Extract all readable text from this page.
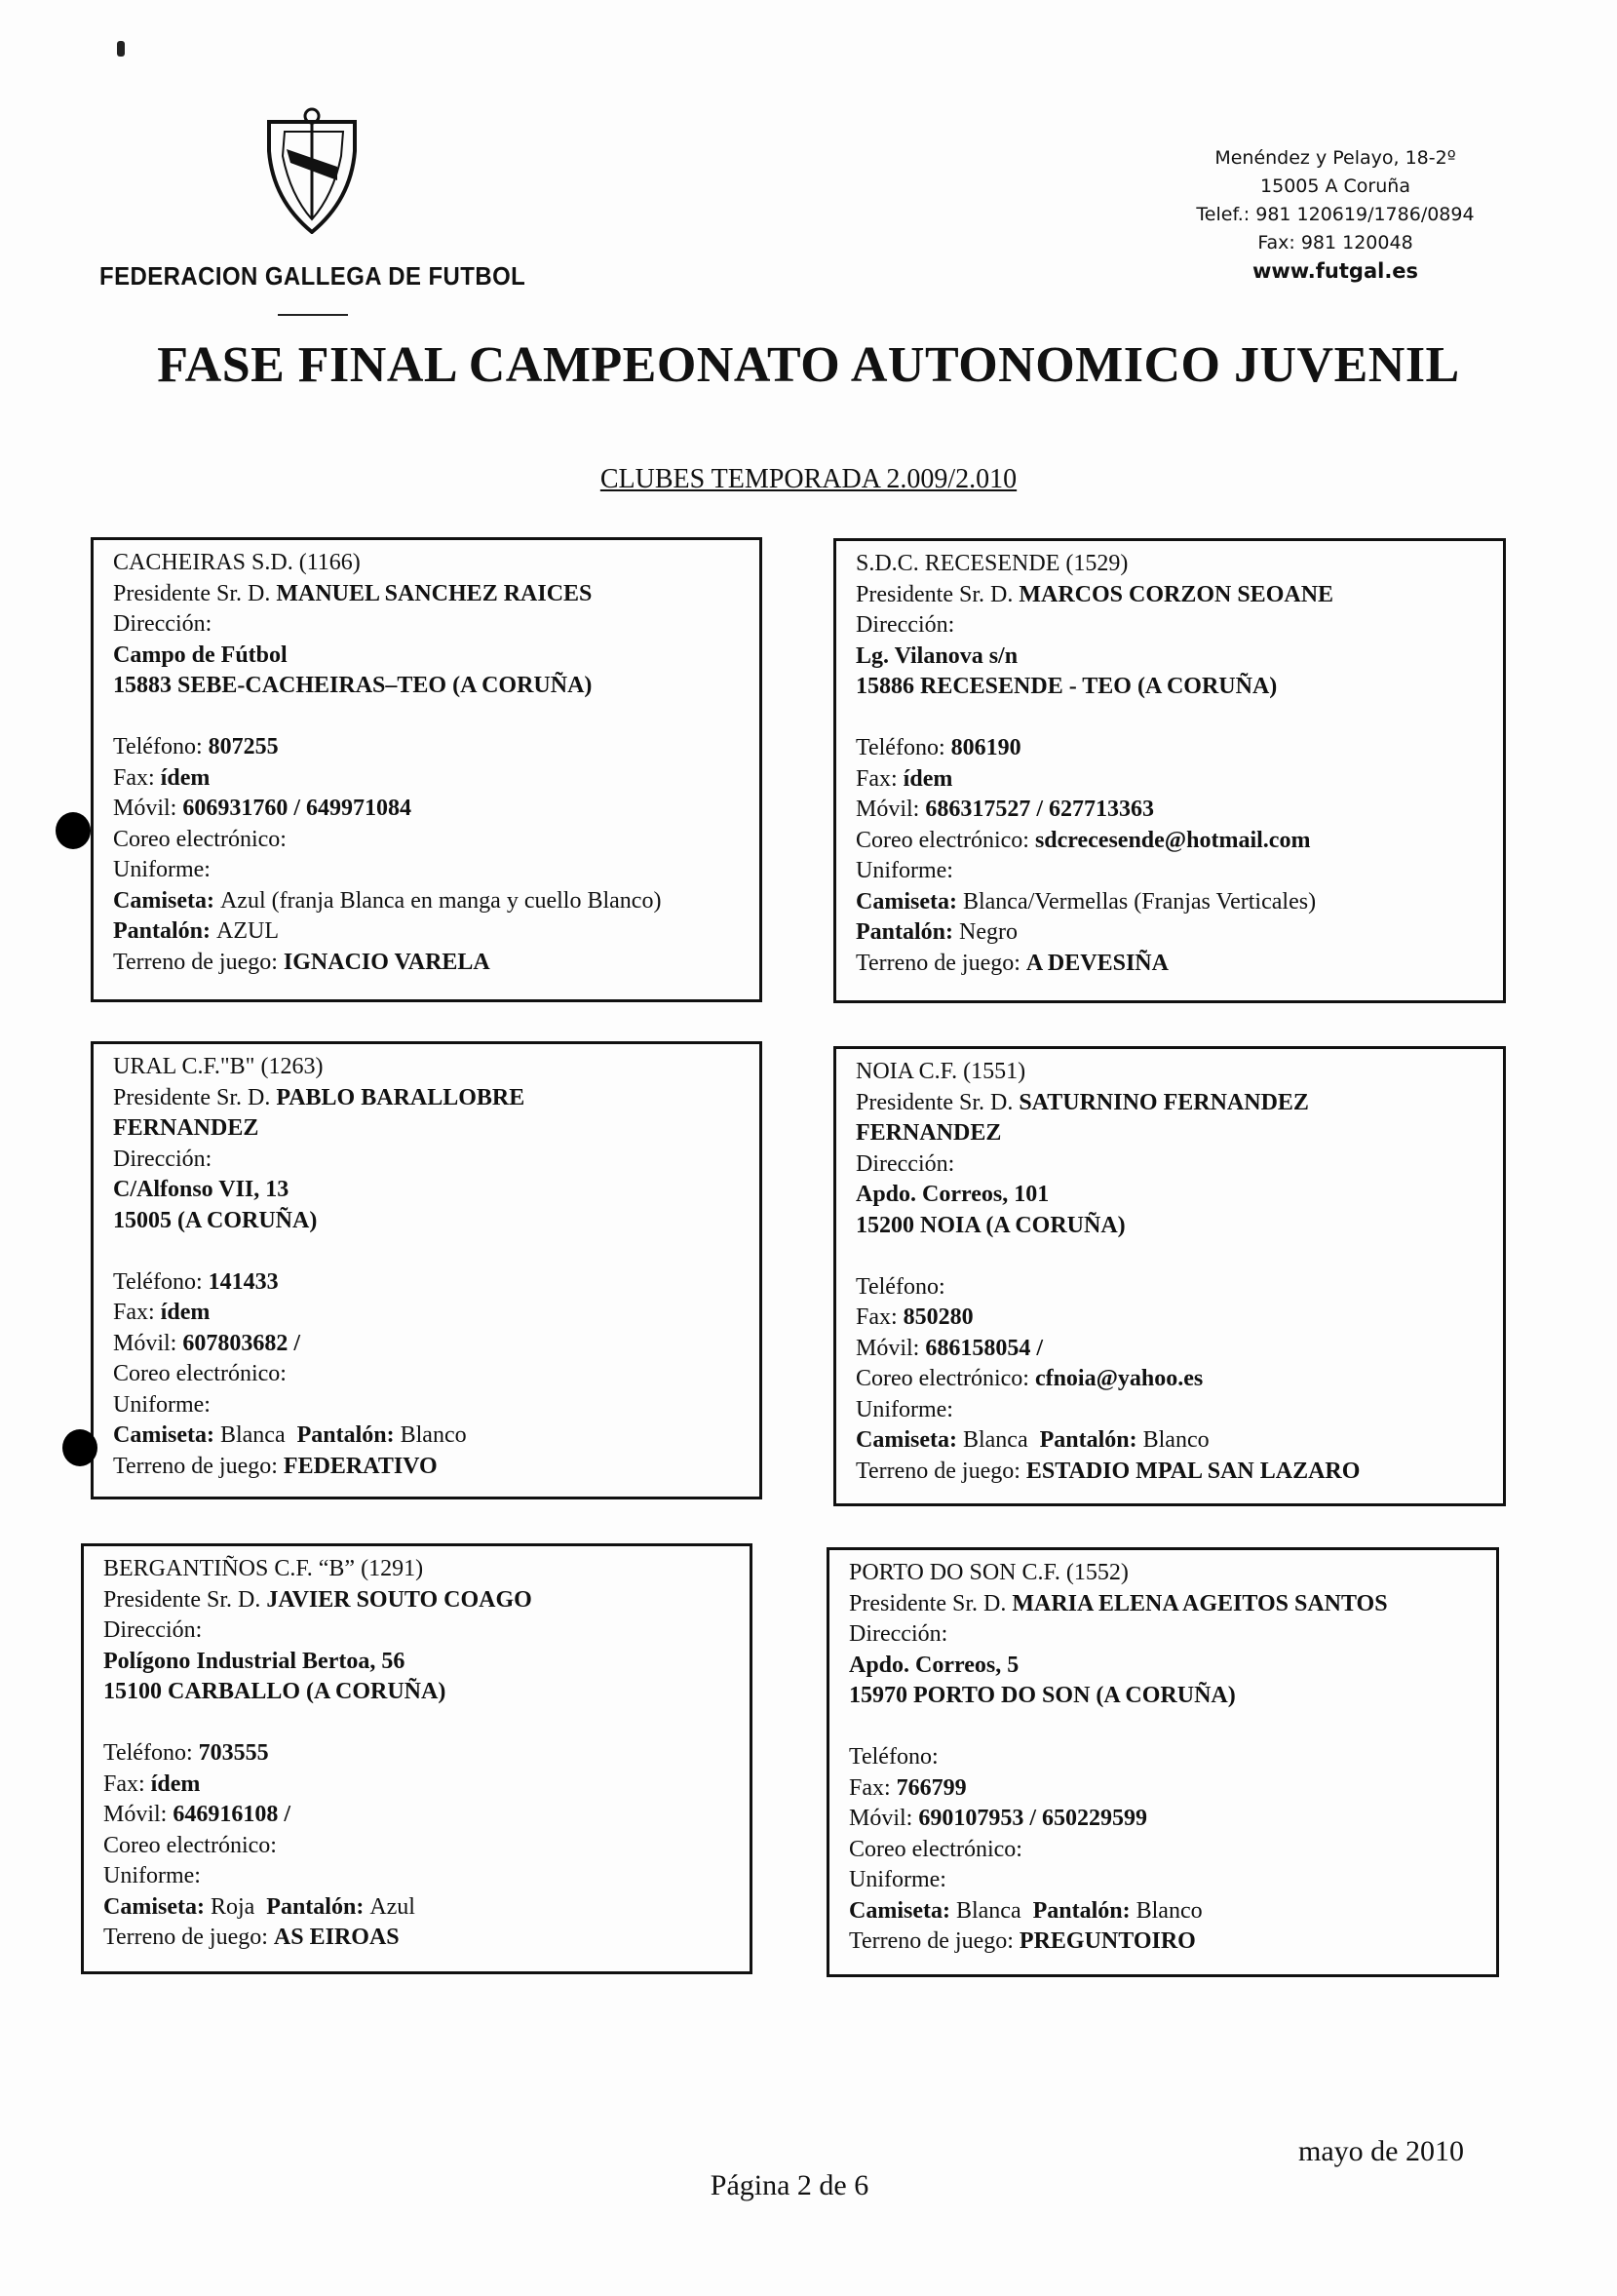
FEDERACION GALLEGA DE FUTBOL
Menéndez y Pelayo, 18-2º
15005 A Coruña
Telef.: 981 120619/1786/0894
Fax: 981 120048
www.futgal.es
FASE FINAL CAMPEONATO AUTONOMICO JUVENIL
CLUBES TEMPORADA 2.009/2.010
CACHEIRAS S.D. (1166)
Presidente Sr. D. MANUEL SANCHEZ RAICES
Dirección:
Campo de Fútbol
15883 SEBE-CACHEIRAS–TEO (A CORUÑA)
Teléfono: 807255
Fax: ídem
Móvil: 606931760 / 649971084
Coreo electrónico:
Uniforme:
Camiseta: Azul (franja Blanca en manga y cuello Blanco)
Pantalón: AZUL
Terreno de juego: IGNACIO VARELA
S.D.C. RECESENDE (1529)
Presidente Sr. D. MARCOS CORZON SEOANE
Dirección:
Lg. Vilanova s/n
15886 RECESENDE - TEO (A CORUÑA)
Teléfono: 806190
Fax: ídem
Móvil: 686317527 / 627713363
Coreo electrónico: sdcrecesende@hotmail.com
Uniforme:
Camiseta: Blanca/Vermellas (Franjas Verticales)
Pantalón: Negro
Terreno de juego: A DEVESIÑA
URAL C.F."B" (1263)
Presidente Sr. D. PABLO BARALLOBRE
FERNANDEZ
Dirección:
C/Alfonso VII, 13
15005 (A CORUÑA)
Teléfono: 141433
Fax: ídem
Móvil: 607803682 /
Coreo electrónico:
Uniforme:
Camiseta: Blanca Pantalón: Blanco
Terreno de juego: FEDERATIVO
NOIA C.F. (1551)
Presidente Sr. D. SATURNINO FERNANDEZ
FERNANDEZ
Dirección:
Apdo. Correos, 101
15200 NOIA (A CORUÑA)
Teléfono:
Fax: 850280
Móvil: 686158054 /
Coreo electrónico: cfnoia@yahoo.es
Uniforme:
Camiseta: Blanca Pantalón: Blanco
Terreno de juego: ESTADIO MPAL SAN LAZARO
BERGANTIÑOS C.F. “B” (1291)
Presidente Sr. D. JAVIER SOUTO COAGO
Dirección:
Polígono Industrial Bertoa, 56
15100 CARBALLO (A CORUÑA)
Teléfono: 703555
Fax: ídem
Móvil: 646916108 /
Coreo electrónico:
Uniforme:
Camiseta: Roja Pantalón: Azul
Terreno de juego: AS EIROAS
PORTO DO SON C.F. (1552)
Presidente Sr. D. MARIA ELENA AGEITOS SANTOS
Dirección:
Apdo. Correos, 5
15970 PORTO DO SON (A CORUÑA)
Teléfono:
Fax: 766799
Móvil: 690107953 / 650229599
Coreo electrónico:
Uniforme:
Camiseta: Blanca Pantalón: Blanco
Terreno de juego: PREGUNTOIRO
mayo de 2010
Página 2 de 6
